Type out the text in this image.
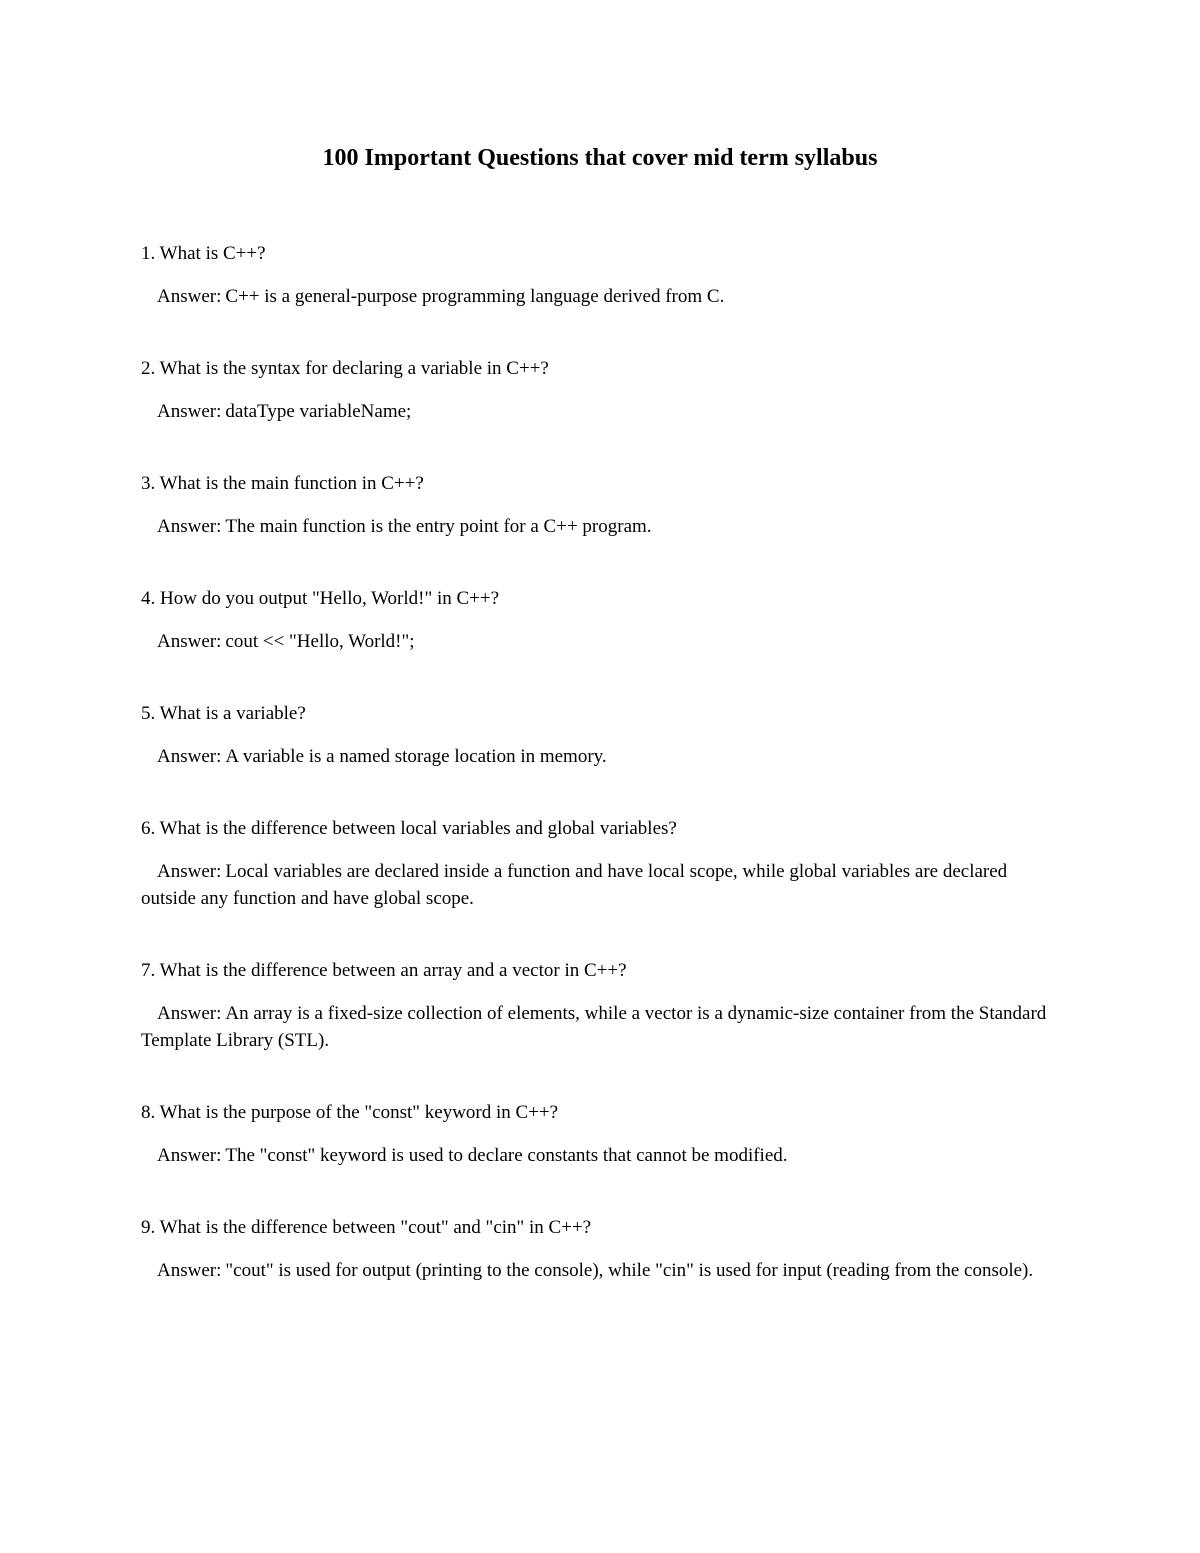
100 Important Questions that cover mid term syllabus

1. What is C++?

Answer: C++ is a general-purpose programming language derived from C.

2. What is the syntax for declaring a variable in C++?

Answer: dataType variableName;

3. What is the main function in C++?

Answer: The main function is the entry point for a C++ program.

4. How do you output "Hello, World!" in C++?

Answer: cout << "Hello, World!";

5. What is a variable?

Answer: A variable is a named storage location in memory.

6. What is the difference between local variables and global variables?

Answer: Local variables are declared inside a function and have local scope, while global variables are declared outside any function and have global scope.

7. What is the difference between an array and a vector in C++?

Answer: An array is a fixed-size collection of elements, while a vector is a dynamic-size container from the Standard Template Library (STL).

8. What is the purpose of the "const" keyword in C++?

Answer: The "const" keyword is used to declare constants that cannot be modified.

9. What is the difference between "cout" and "cin" in C++?

Answer: "cout" is used for output (printing to the console), while "cin" is used for input (reading from the console).
